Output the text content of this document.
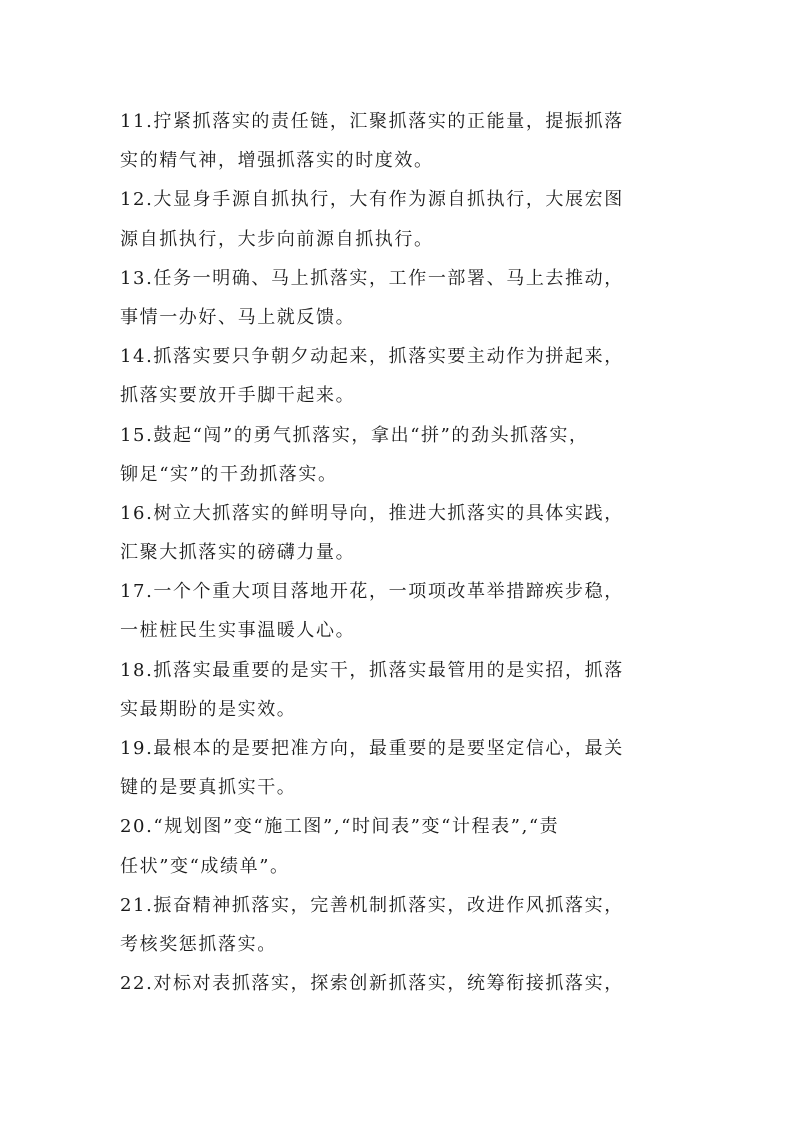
11.拧紧抓落实的责任链，汇聚抓落实的正能量，提振抓落
实的精气神，增强抓落实的时度效。
12.大显身手源自抓执行，大有作为源自抓执行，大展宏图
源自抓执行，大步向前源自抓执行。
13.任务一明确、马上抓落实，工作一部署、马上去推动，
事情一办好、马上就反馈。
14.抓落实要只争朝夕动起来，抓落实要主动作为拼起来，
抓落实要放开手脚干起来。
15.鼓起“闯”的勇气抓落实，拿出“拼”的劲头抓落实，
铆足“实”的干劲抓落实。
16.树立大抓落实的鲜明导向，推进大抓落实的具体实践，
汇聚大抓落实的磅礴力量。
17.一个个重大项目落地开花，一项项改革举措蹄疾步稳，
一桩桩民生实事温暖人心。
18.抓落实最重要的是实干，抓落实最管用的是实招，抓落
实最期盼的是实效。
19.最根本的是要把准方向，最重要的是要坚定信心，最关
键的是要真抓实干。
20.“规划图”变“施工图”,“时间表”变“计程表”,“责
任状”变“成绩单”。
21.振奋精神抓落实，完善机制抓落实，改进作风抓落实，
考核奖惩抓落实。
22.对标对表抓落实，探索创新抓落实，统筹衔接抓落实，
